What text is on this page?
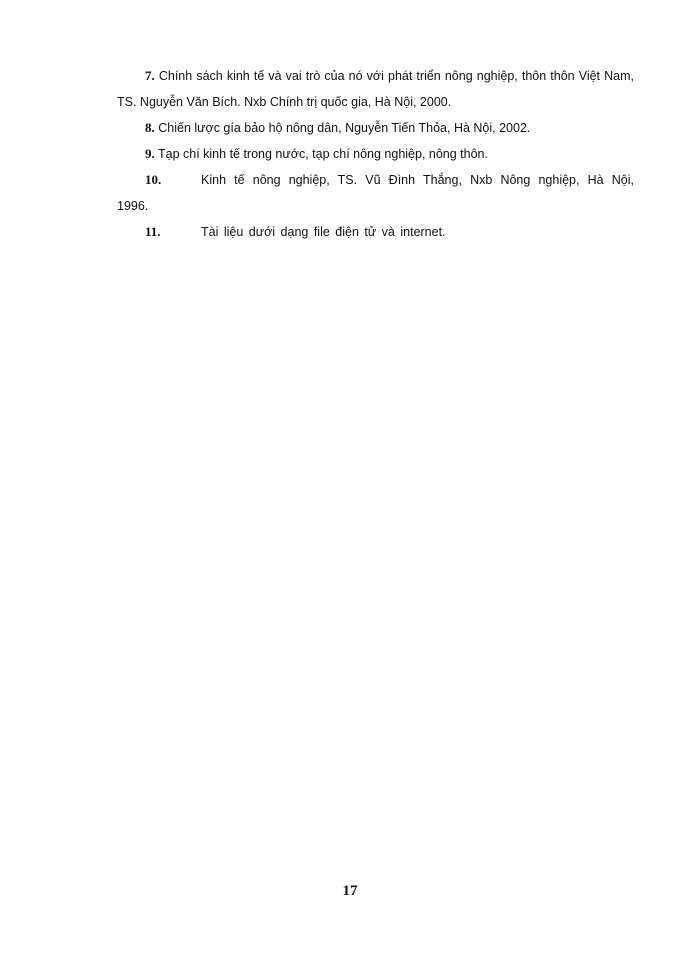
7. Chính sách kinh tế và vai trò của nó với phát triển nông nghiệp, thôn thôn Việt Nam, TS. Nguyễn Văn Bích. Nxb Chính trị quốc gia, Hà Nội, 2000.

8. Chiến lược gía bảo hộ nông dân, Nguyễn Tiến Thỏa, Hà Nội, 2002.

9. Tạp chí kinh tế trong nước, tạp chí nông nghiệp, nông thôn.

10.	Kinh tế nông nghiệp, TS. Vũ Đình Thắng, Nxb Nông nghiệp, Hà Nội, 1996.

11.	Tài liệu dưới dạng file điện tử và internet.

17
